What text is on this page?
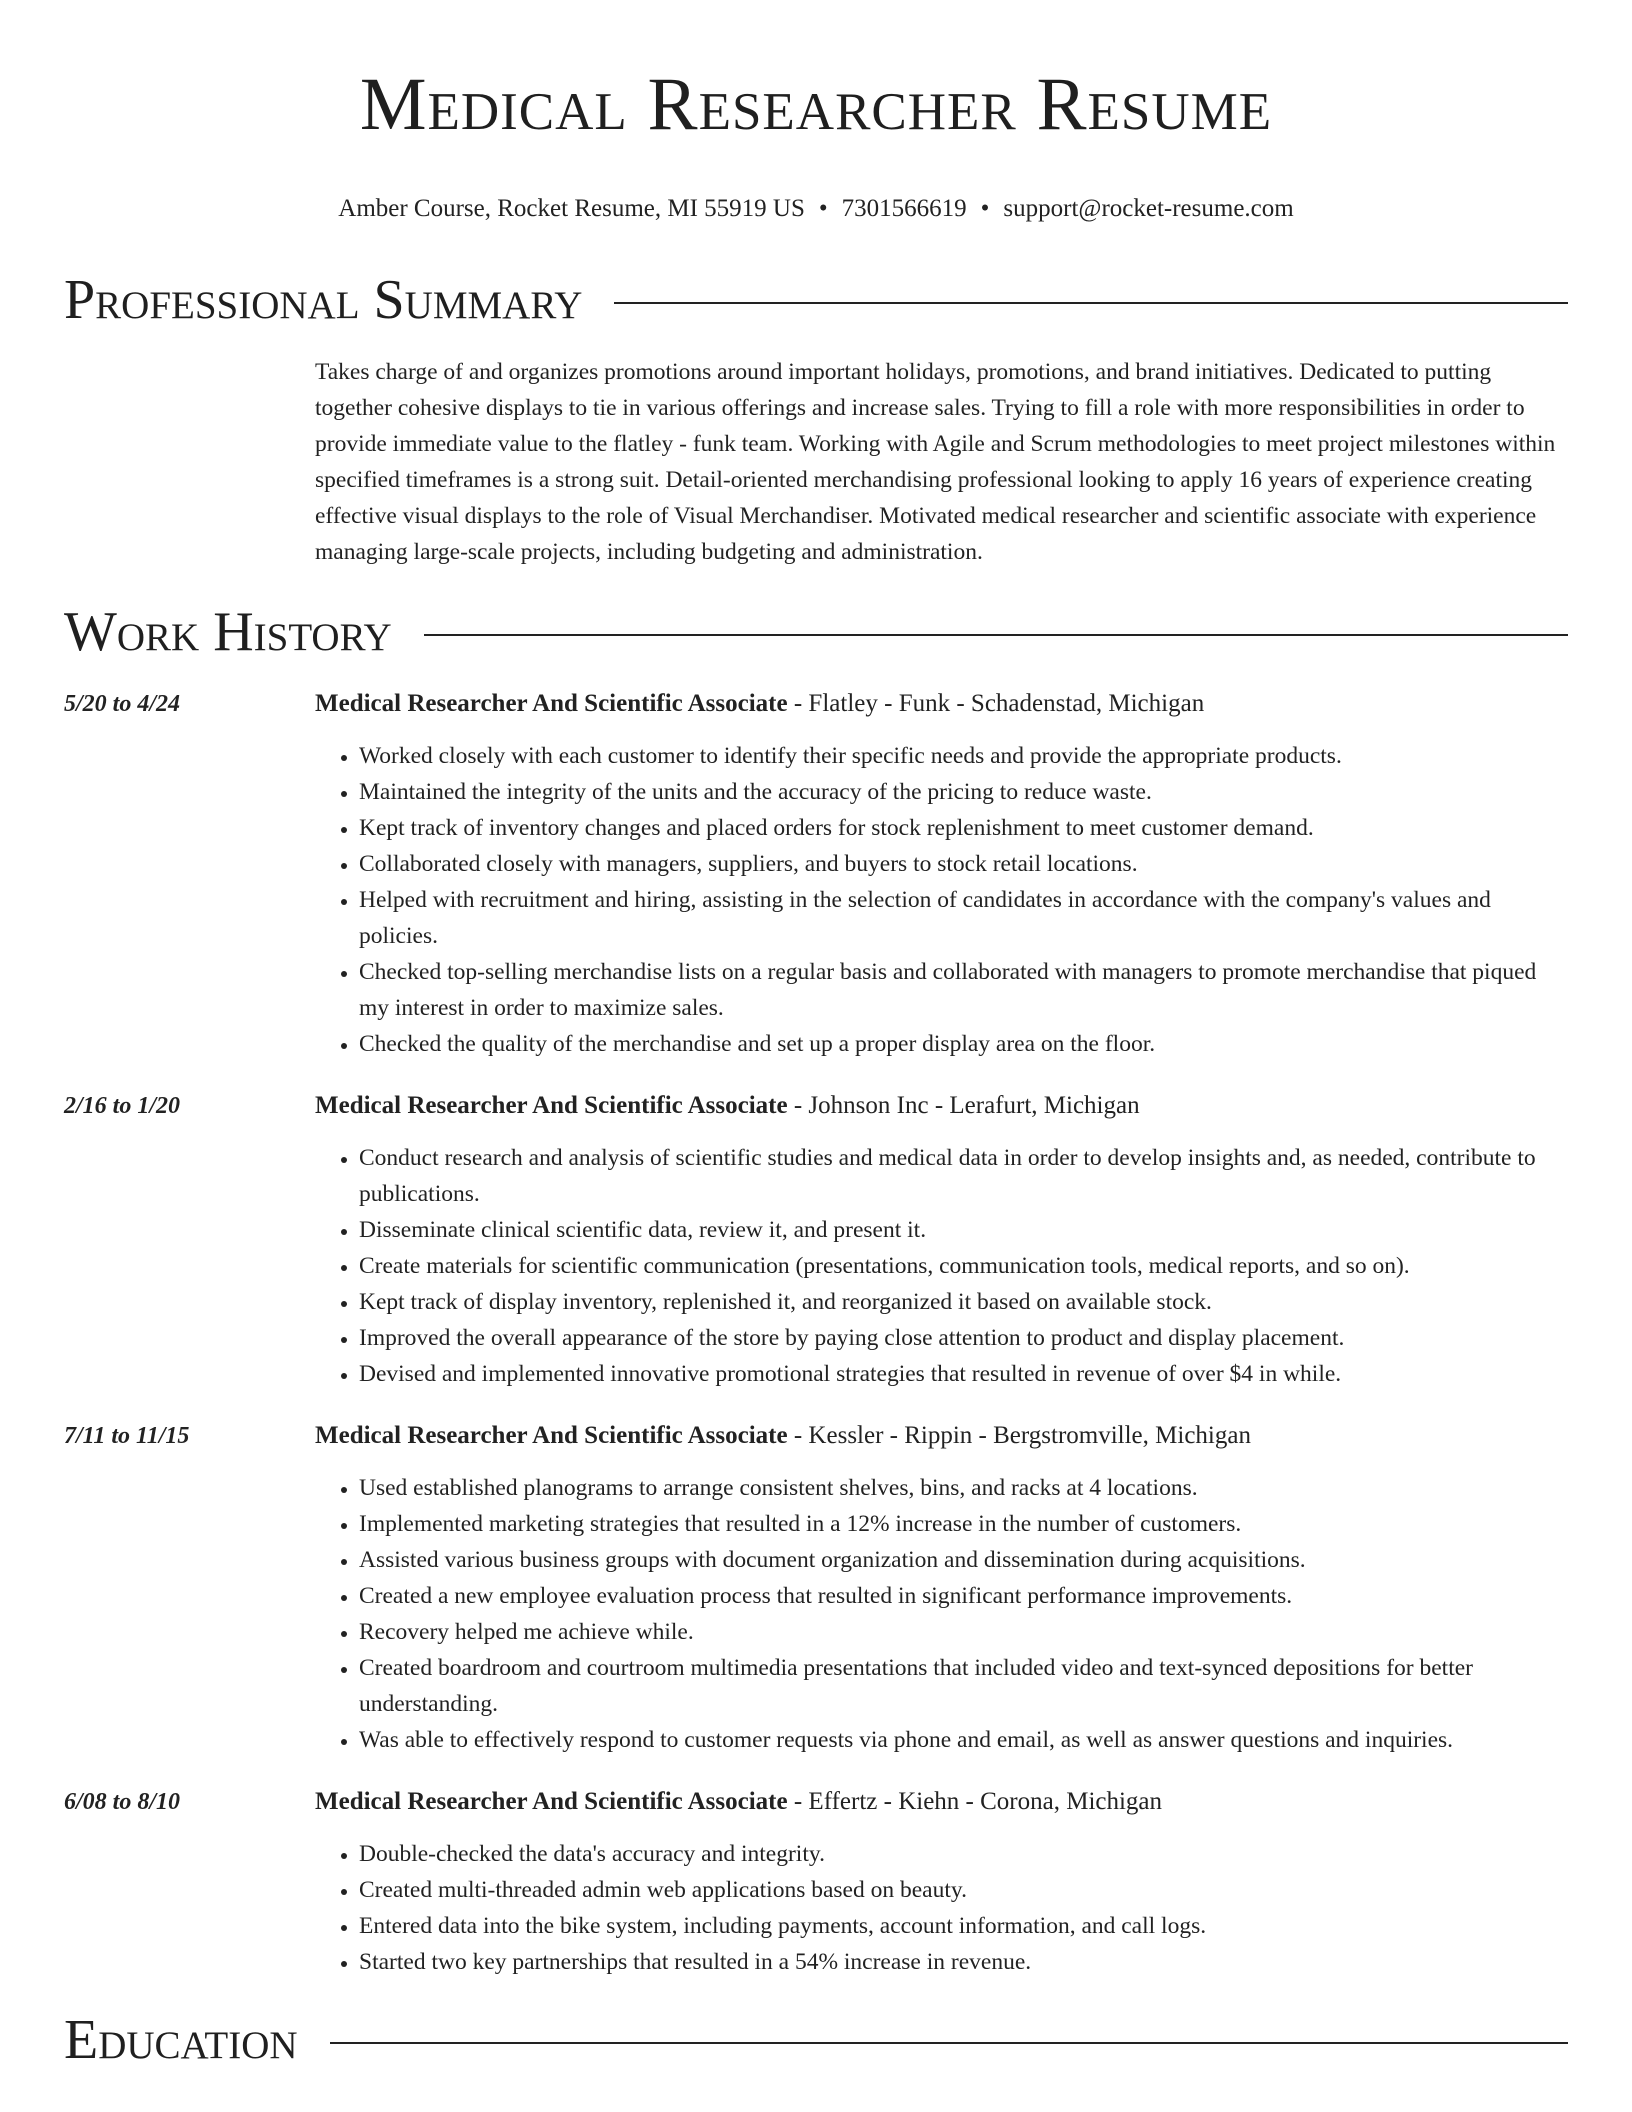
Medical Researcher Resume
Amber Course, Rocket Resume, MI 55919 US • 7301566619 • support@rocket-resume.com
Professional Summary

Takes charge of and organizes promotions around important holidays, promotions, and brand initiatives. Dedicated to putting together cohesive displays to tie in various offerings and increase sales. Trying to fill a role with more responsibilities in order to provide immediate value to the flatley - funk team. Working with Agile and Scrum methodologies to meet project milestones within specified timeframes is a strong suit. Detail-oriented merchandising professional looking to apply 16 years of experience creating effective visual displays to the role of Visual Merchandiser. Motivated medical researcher and scientific associate with experience managing large-scale projects, including budgeting and administration.

Work History
5/20 to 4/24	Medical Researcher And Scientific Associate - Flatley - Funk - Schadenstad, Michigan
• Worked closely with each customer to identify their specific needs and provide the appropriate products.
• Maintained the integrity of the units and the accuracy of the pricing to reduce waste.
• Kept track of inventory changes and placed orders for stock replenishment to meet customer demand.
• Collaborated closely with managers, suppliers, and buyers to stock retail locations.
• Helped with recruitment and hiring, assisting in the selection of candidates in accordance with the company's values and policies.
• Checked top-selling merchandise lists on a regular basis and collaborated with managers to promote merchandise that piqued my interest in order to maximize sales.
• Checked the quality of the merchandise and set up a proper display area on the floor.
2/16 to 1/20	Medical Researcher And Scientific Associate - Johnson Inc - Lerafurt, Michigan
• Conduct research and analysis of scientific studies and medical data in order to develop insights and, as needed, contribute to publications.
• Disseminate clinical scientific data, review it, and present it.
• Create materials for scientific communication (presentations, communication tools, medical reports, and so on).
• Kept track of display inventory, replenished it, and reorganized it based on available stock.
• Improved the overall appearance of the store by paying close attention to product and display placement.
• Devised and implemented innovative promotional strategies that resulted in revenue of over $4 in while.
7/11 to 11/15	Medical Researcher And Scientific Associate - Kessler - Rippin - Bergstromville, Michigan
• Used established planograms to arrange consistent shelves, bins, and racks at 4 locations.
• Implemented marketing strategies that resulted in a 12% increase in the number of customers.
• Assisted various business groups with document organization and dissemination during acquisitions.
• Created a new employee evaluation process that resulted in significant performance improvements.
• Recovery helped me achieve while.
• Created boardroom and courtroom multimedia presentations that included video and text-synced depositions for better understanding.
• Was able to effectively respond to customer requests via phone and email, as well as answer questions and inquiries.
6/08 to 8/10	Medical Researcher And Scientific Associate - Effertz - Kiehn - Corona, Michigan
• Double-checked the data's accuracy and integrity.
• Created multi-threaded admin web applications based on beauty.
• Entered data into the bike system, including payments, account information, and call logs.
• Started two key partnerships that resulted in a 54% increase in revenue.
Education
